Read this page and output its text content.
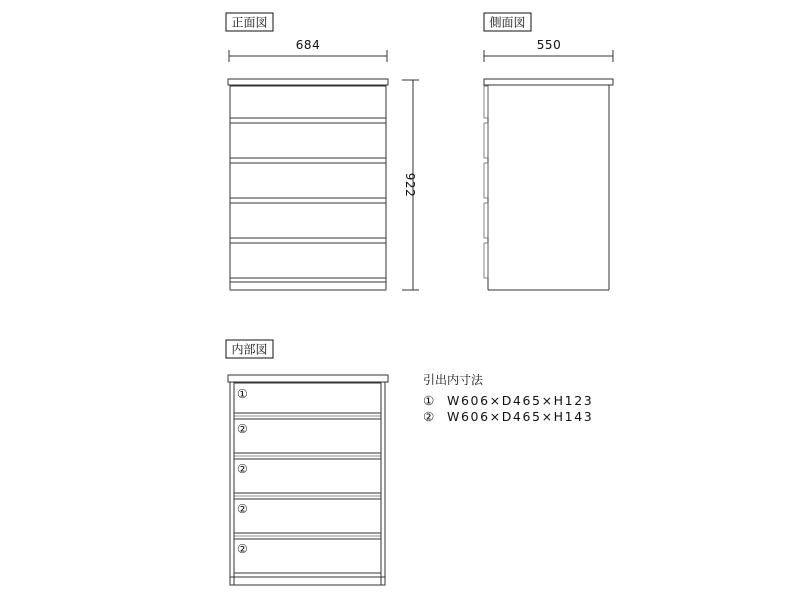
正面図
684
922
側面図
550
内部図
①
②
②
②
②
引出内寸法
① W606×D465×H123
② W606×D465×H143
